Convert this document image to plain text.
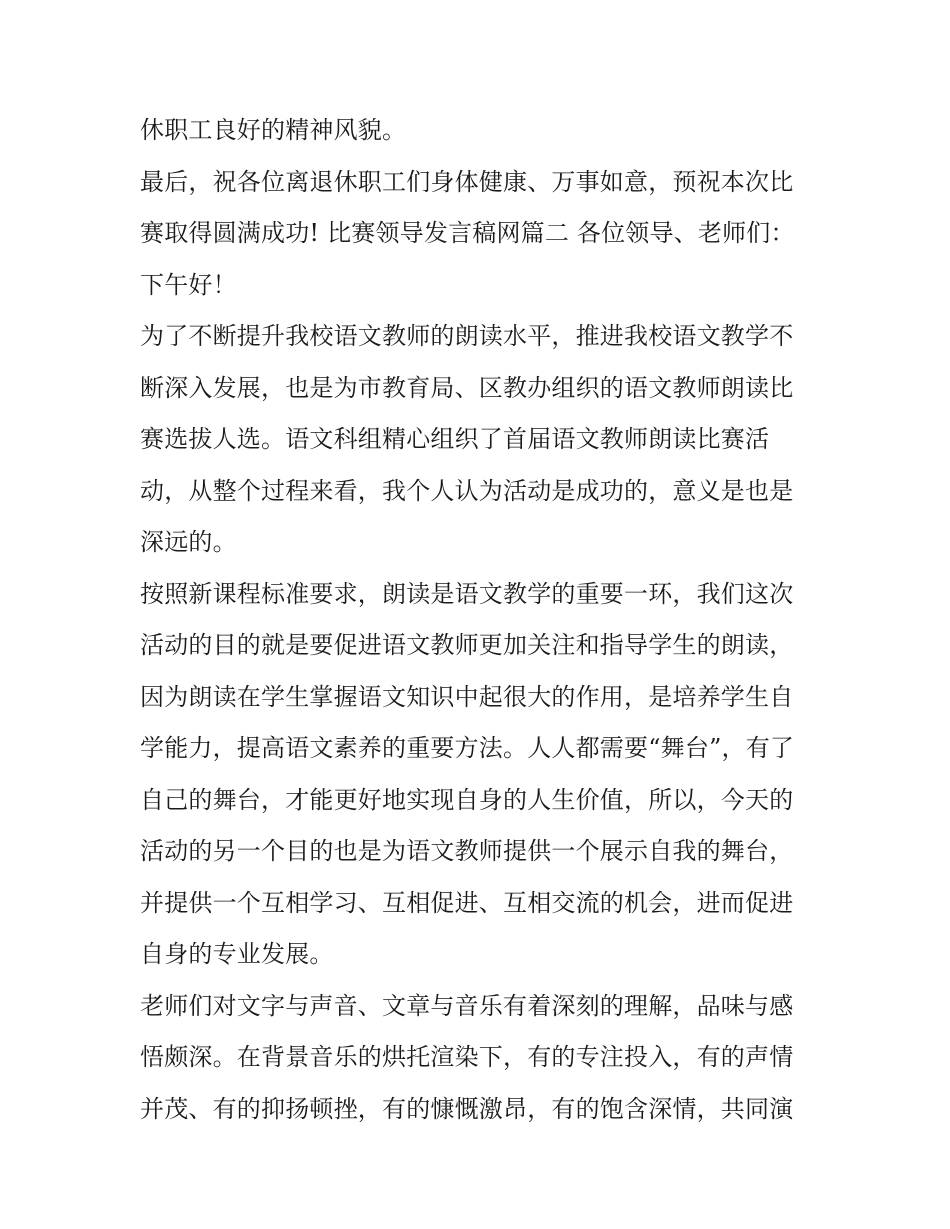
休职工良好的精神风貌。
最后，祝各位离退休职工们身体健康、万事如意，预祝本次比
赛取得圆满成功! 比赛领导发言稿网篇二 各位领导、老师们：
下午好！
为了不断提升我校语文教师的朗读水平，推进我校语文教学不
断深入发展，也是为市教育局、区教办组织的语文教师朗读比
赛选拔人选。语文科组精心组织了首届语文教师朗读比赛活
动，从整个过程来看，我个人认为活动是成功的，意义是也是
深远的。
按照新课程标准要求，朗读是语文教学的重要一环，我们这次
活动的目的就是要促进语文教师更加关注和指导学生的朗读，
因为朗读在学生掌握语文知识中起很大的作用，是培养学生自
学能力，提高语文素养的重要方法。人人都需要“舞台”，有了
自己的舞台，才能更好地实现自身的人生价值，所以，今天的
活动的另一个目的也是为语文教师提供一个展示自我的舞台，
并提供一个互相学习、互相促进、互相交流的机会，进而促进
自身的专业发展。
老师们对文字与声音、文章与音乐有着深刻的理解，品味与感
悟颇深。在背景音乐的烘托渲染下，有的专注投入，有的声情
并茂、有的抑扬顿挫，有的慷慨激昂，有的饱含深情，共同演
